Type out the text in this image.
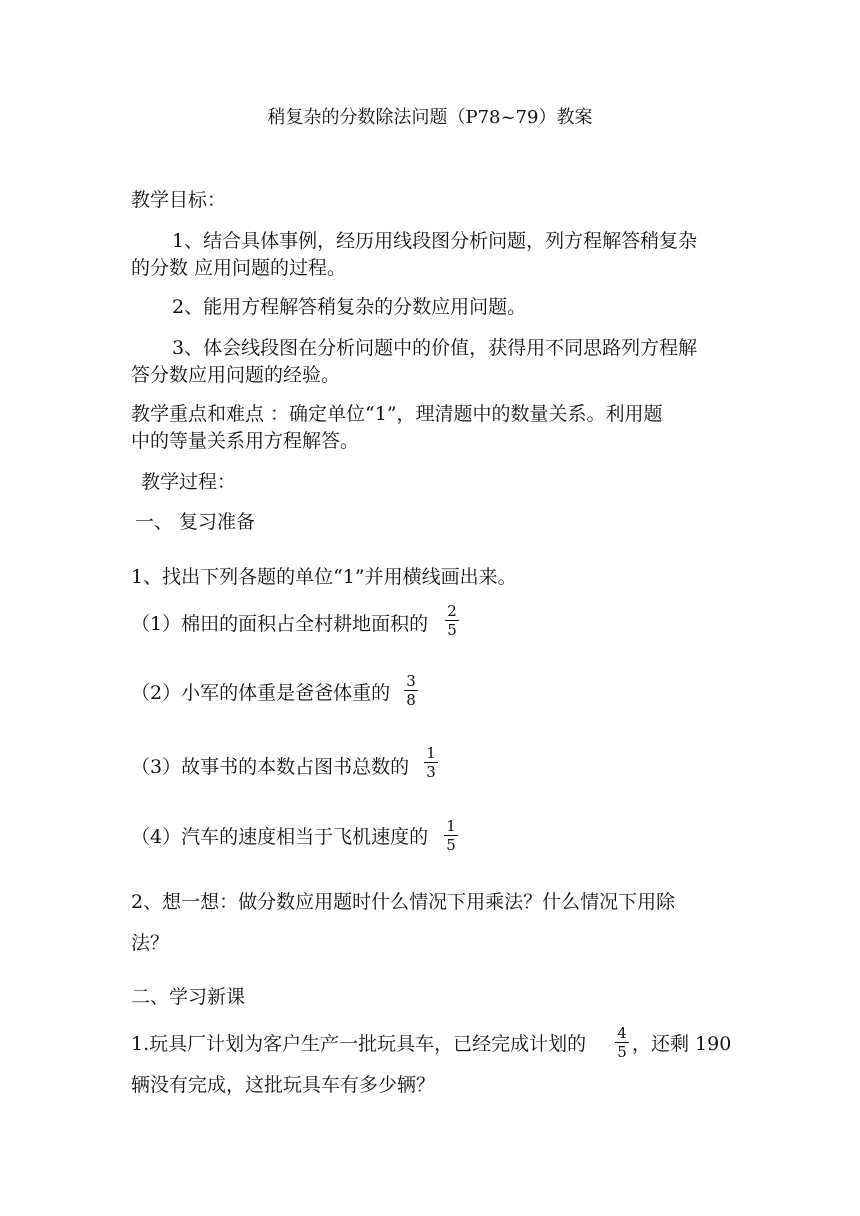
稍复杂的分数除法问题（P78~79）教案
教学目标：
1、结合具体事例，经历用线段图分析问题，列方程解答稍复杂
的分数 应用问题的过程。
2、能用方程解答稍复杂的分数应用问题。
3、体会线段图在分析问题中的价值，获得用不同思路列方程解
答分数应用问题的经验。
教学重点和难点 ：确定单位“1”，理清题中的数量关系。利用题
中的等量关系用方程解答。
教学过程：
一、 复习准备
1、找出下列各题的单位“1”并用横线画出来。
（1）棉田的面积占全村耕地面积的
2
5
（2）小军的体重是爸爸体重的
3
8
（3）故事书的本数占图书总数的
1
3
（4）汽车的速度相当于飞机速度的 1
5
2、想一想：做分数应用题时什么情况下用乘法？什么情况下用除
法？
二、学习新课
1.玩具厂计划为客户生产一批玩具车，已经完成计划的 4
5 ，还剩 190
辆没有完成，这批玩具车有多少辆？
